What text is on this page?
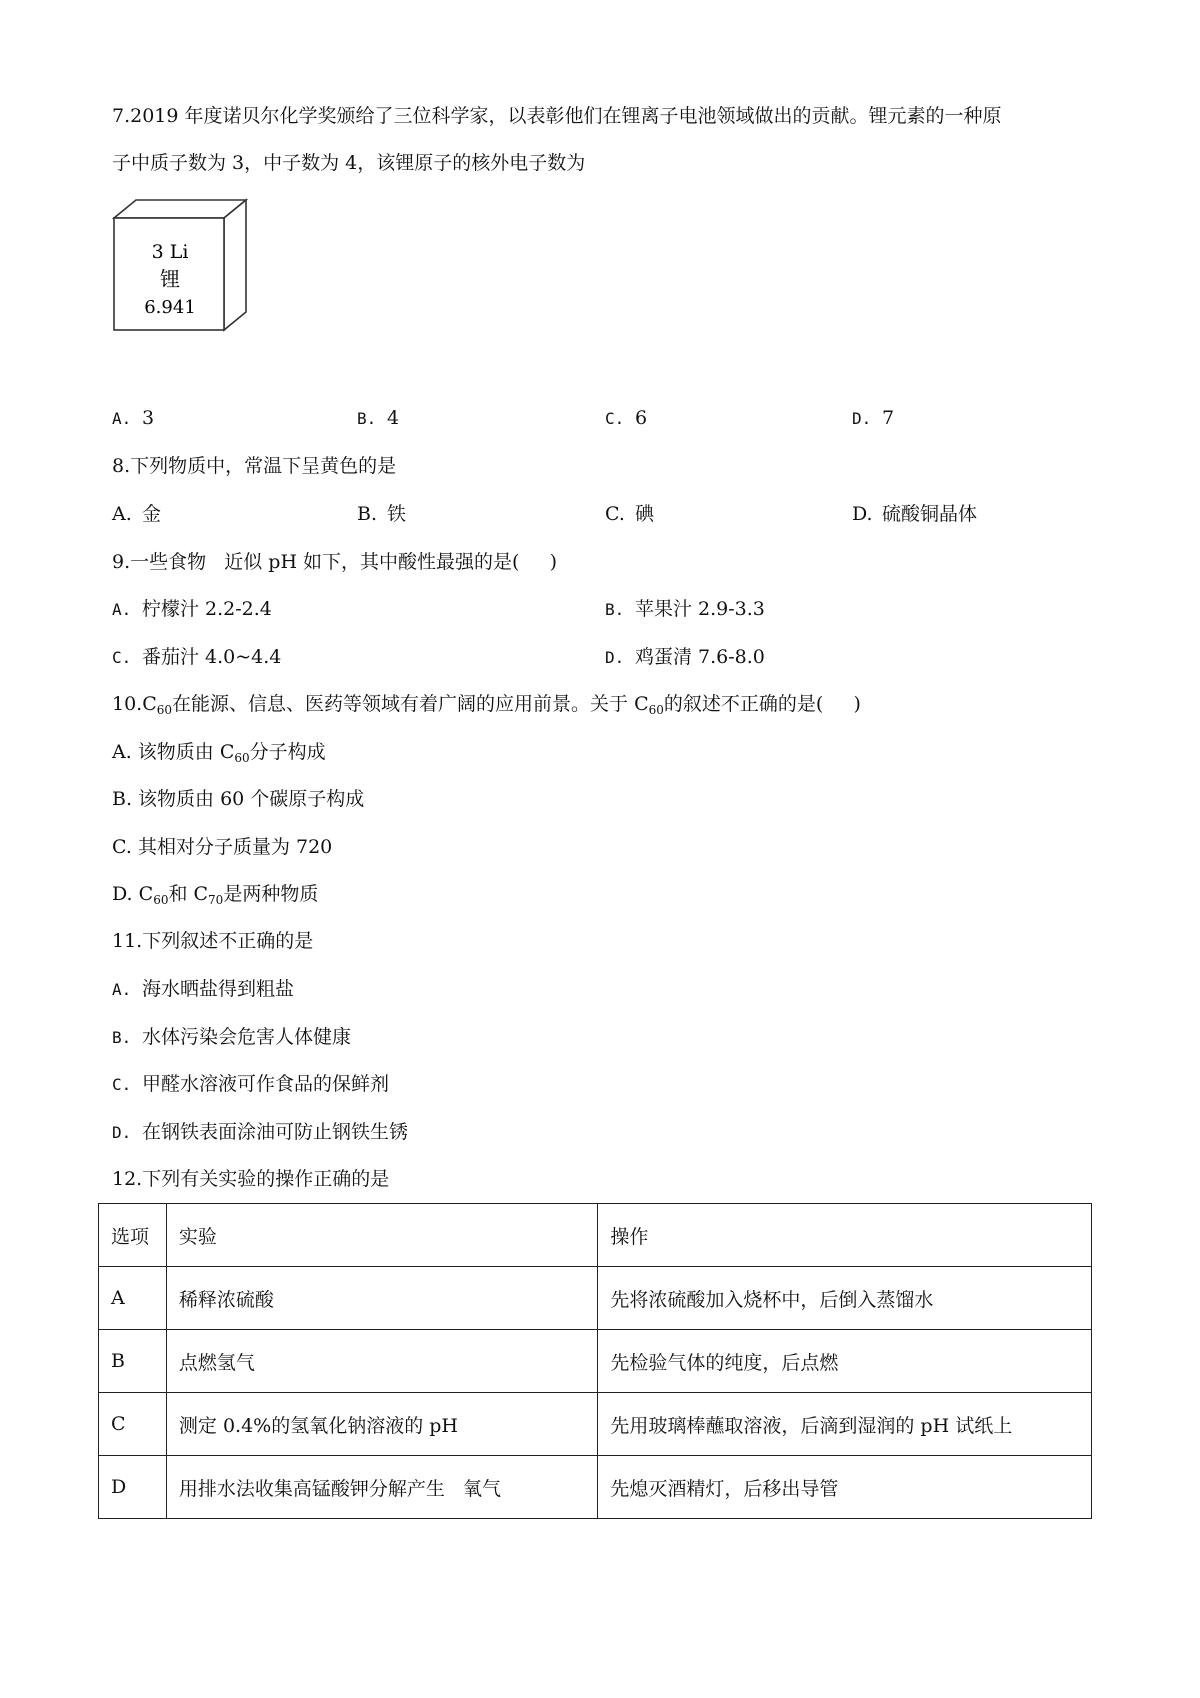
7.2019 年度诺贝尔化学奖颁给了三位科学家，以表彰他们在锂离子电池领域做出的贡献。锂元素的一种原
子中质子数为 3，中子数为 4，该锂原子的核外电子数为
3 Li
锂
6.941
A. 3	B. 4	C. 6	D. 7
8.下列物质中，常温下呈黄色的是
A. 金	B. 铁	C. 碘	D. 硫酸铜晶体
9.一些食物   近似 pH 如下，其中酸性最强的是(     )
A. 柠檬汁 2.2-2.4	B. 苹果汁 2.9-3.3
C. 番茄汁 4.0~4.4	D. 鸡蛋清 7.6-8.0
$10.C_{60}$在能源、信息、医药等领域有着广阔的应用前景。关于 $C_{60}$的叙述不正确的是(     )
A. 该物质由 $C_{60}$分子构成
B. 该物质由 60 个碳原子构成
C. 其相对分子质量为 720
D. $C_{60}$和 $C_{70}$是两种物质
11.下列叙述不正确的是
A. 海水晒盐得到粗盐
B. 水体污染会危害人体健康
C. 甲醛水溶液可作食品的保鲜剂
D. 在钢铁表面涂油可防止钢铁生锈
12.下列有关实验的操作正确的是
选项	实验	操作
A	稀释浓硫酸	先将浓硫酸加入烧杯中，后倒入蒸馏水
B	点燃氢气	先检验气体的纯度，后点燃
C	测定 0.4%的氢氧化钠溶液的 pH	先用玻璃棒蘸取溶液，后滴到湿润的 pH 试纸上
D	用排水法收集高锰酸钾分解产生   氧气	先熄灭酒精灯，后移出导管
